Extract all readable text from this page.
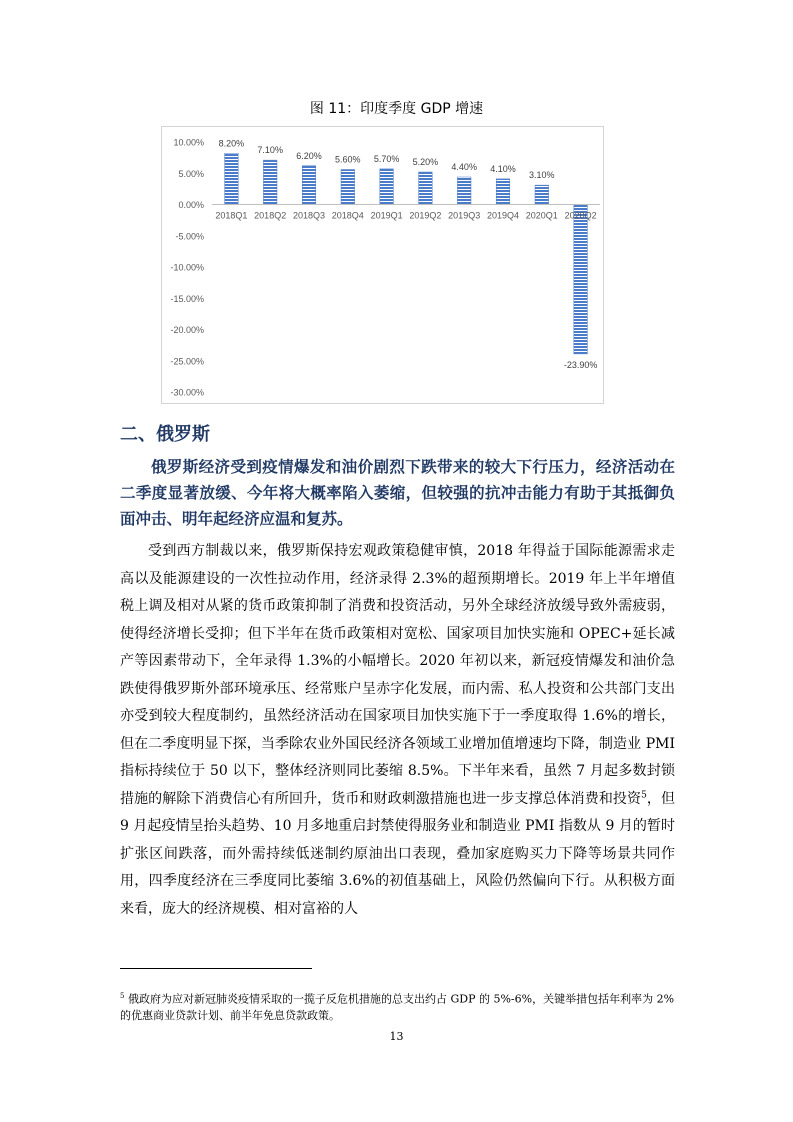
图 11：印度季度 GDP 增速
10.00%
5.00%
0.00%
-5.00%
-10.00%
-15.00%
-20.00%
-25.00%
-30.00%
2018Q1 2018Q2 2018Q3 2018Q4 2019Q1 2019Q2 2019Q3 2019Q4 2020Q1 2020Q2
8.20%
7.10%
6.20% 5.60% 5.70% 5.20% 4.40% 4.10%
3.10%
-23.90%
二、俄罗斯
俄罗斯经济受到疫情爆发和油价剧烈下跌带来的较大下行压力，经济活动在二季度显著放缓、今年将大概率陷入萎缩，但较强的抗冲击能力有助于其抵御负面冲击、明年起经济应温和复苏。
受到西方制裁以来，俄罗斯保持宏观政策稳健审慎，2018 年得益于国际能源需求走高以及能源建设的一次性拉动作用，经济录得 2.3%的超预期增长。2019 年上半年增值税上调及相对从紧的货币政策抑制了消费和投资活动，另外全球经济放缓导致外需疲弱，使得经济增长受抑；但下半年在货币政策相对宽松、国家项目加快实施和 OPEC+延长减产等因素带动下，全年录得 1.3%的小幅增长。2020 年初以来，新冠疫情爆发和油价急跌使得俄罗斯外部环境承压、经常账户呈赤字化发展，而内需、私人投资和公共部门支出亦受到较大程度制约，虽然经济活动在国家项目加快实施下于一季度取得 1.6%的增长，但在二季度明显下探，当季除农业外国民经济各领域工业增加值增速均下降，制造业 PMI 指标持续位于 50 以下，整体经济则同比萎缩 8.5%。下半年来看，虽然 7 月起多数封锁措施的解除下消费信心有所回升，货币和财政刺激措施也进一步支撑总体消费和投资$^5$，但 9 月起疫情呈抬头趋势、10 月多地重启封禁使得服务业和制造业 PMI 指数从 9 月的暂时扩张区间跌落，而外需持续低迷制约原油出口表现，叠加家庭购买力下降等场景共同作用，四季度经济在三季度同比萎缩 3.6%的初值基础上，风险仍然偏向下行。从积极方面来看，庞大的经济规模、相对富裕的人
$^5$ 俄政府为应对新冠肺炎疫情采取的一揽子反危机措施的总支出约占 GDP 的 5%-6%，关键举措包括年利率为 2%的优惠商业贷款计划、前半年免息贷款政策。
13
